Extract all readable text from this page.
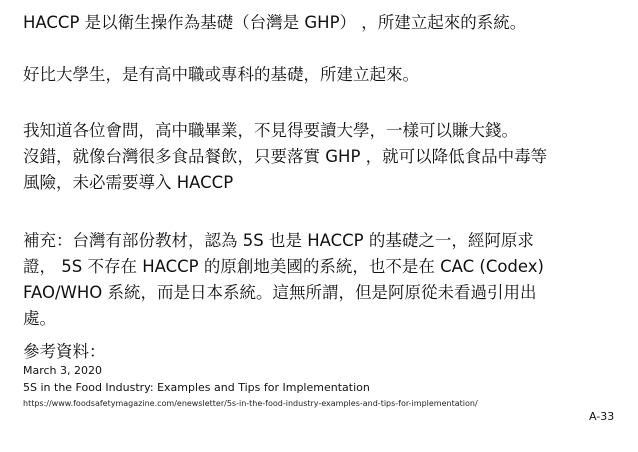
HACCP 是以衛生操作為基礎（台灣是 GHP） ，所建立起來的系統。

好比大學生，是有高中職或專科的基礎，所建立起來。

我知道各位會問，高中職畢業，不見得要讀大學，一樣可以賺大錢。
沒錯，就像台灣很多食品餐飲，只要落實 GHP ，就可以降低食品中毒等
風險，未必需要導入 HACCP

補充：台灣有部份教材，認為 5S 也是 HACCP 的基礎之一，經阿原求
證， 5S 不存在 HACCP 的原創地美國的系統，也不是在 CAC (Codex)
FAO/WHO 系統，而是日本系統。這無所謂，但是阿原從未看過引用出
處。

參考資料：

March 3, 2020

5S in the Food Industry: Examples and Tips for Implementation

https://www.foodsafetymagazine.com/enewsletter/5s-in-the-food-industry-examples-and-tips-for-implementation/

A-33
